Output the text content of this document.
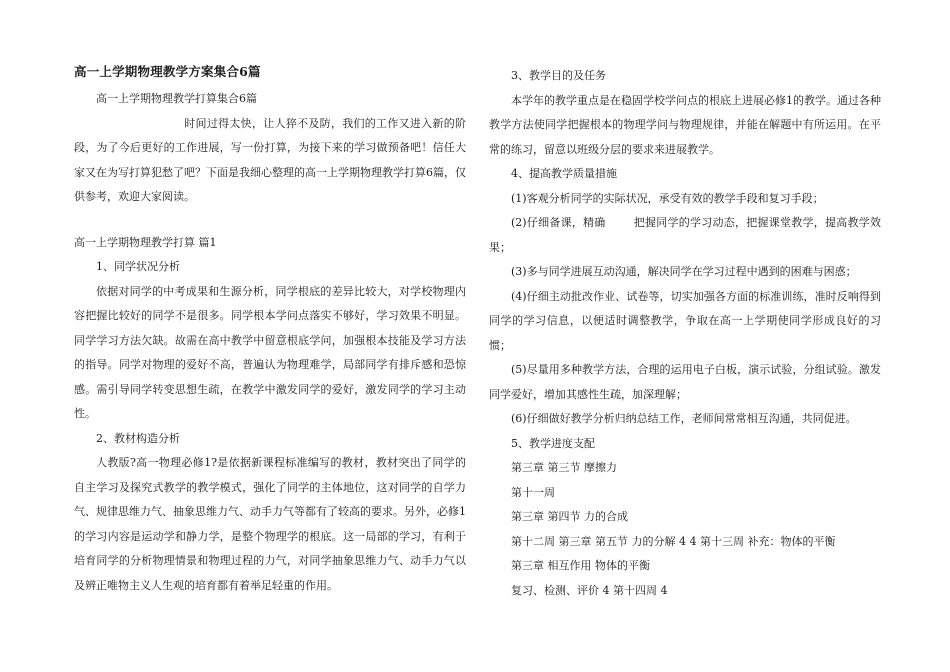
高一上学期物理教学方案集合6篇

高一上学期物理教学打算集合6篇

时间过得太快，让人猝不及防，我们的工作又进入新的阶段，为了今后更好的工作进展，写一份打算，为接下来的学习做预备吧！信任大家又在为写打算犯愁了吧？下面是我细心整理的高一上学期物理教学打算6篇，仅供参考，欢迎大家阅读。

高一上学期物理教学打算 篇1

1、同学状况分析

依据对同学的中考成果和生源分析，同学根底的差异比较大，对学校物理内容把握比较好的同学不是很多。同学根本学问点落实不够好，学习效果不明显。同学学习方法欠缺。故需在高中教学中留意根底学问，加强根本技能及学习方法的指导。同学对物理的爱好不高，普遍认为物理难学，局部同学有排斥感和恐惊感。需引导同学转变思想生疏，在教学中激发同学的爱好，激发同学的学习主动性。

2、教材构造分析

人教版?高一物理必修1?是依据新课程标准编写的教材，教材突出了同学的自主学习及探究式教学的教学模式，强化了同学的主体地位，这对同学的自学力气、规律思维力气、抽象思维力气、动手力气等都有了较高的要求。另外，必修1的学习内容是运动学和静力学，是整个物理学的根底。这一局部的学习，有利于培育同学的分析物理情景和物理过程的力气，对同学抽象思维力气、动手力气以及辨正唯物主义人生观的培育都有着举足轻重的作用。

3、教学目的及任务

本学年的教学重点是在稳固学校学问点的根底上进展必修1的教学。通过各种教学方法使同学把握根本的物理学问与物理规律，并能在解题中有所运用。在平常的练习，留意以班级分层的要求来进展教学。

4、提高教学质量措施

(1)客观分析同学的实际状况，承受有效的教学手段和复习手段；

(2)仔细备课，精确	把握同学的学习动态，把握课堂教学，提高教学效果；

(3)多与同学进展互动沟通，解决同学在学习过程中遇到的困难与困惑；

(4)仔细主动批改作业、试卷等，切实加强各方面的标准训练，准时反响得到同学的学习信息，以便适时调整教学，争取在高一上学期使同学形成良好的习惯；

(5)尽量用多种教学方法，合理的运用电子白板，演示试验，分组试验。激发同学爱好，增加其感性生疏，加深理解；

(6)仔细做好教学分析归纳总结工作，老师间常常相互沟通，共同促进。

5、教学进度支配

第三章 第三节 摩擦力

第十一周

第三章 第四节 力的合成

第十二周 第三章 第五节 力的分解 4 4 第十三周 补充：物体的平衡

第三章 相互作用 物体的平衡

复习、检测、评价 4 第十四周 4
